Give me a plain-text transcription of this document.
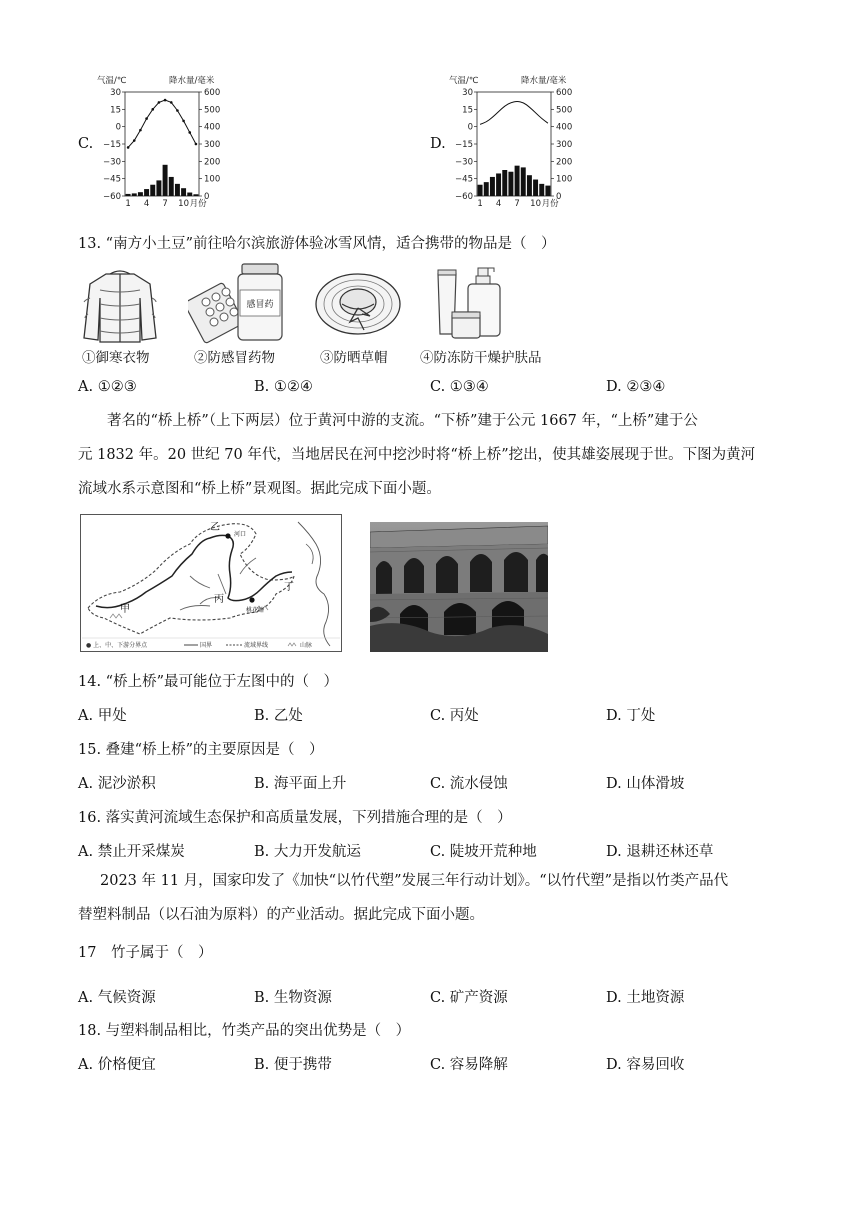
C.
气温/℃	降水量/毫米
30	600
15	500
0	400
−15	300
−30	200
−45	100
−60	0
1 4 7 10 月份
D.
气温/℃	降水量/毫米
30	600
15	500
0	400
−15	300
−30	200
−45	100
−60	0
1 4 7 10 月份
13. “南方小土豆”前往哈尔滨旅游体验冰雪风情，适合携带的物品是（　）
感冒药
①御寒衣物	②防感冒药物	③防晒草帽 ④防冻防干燥护肤品
A. ①②③	B. ①②④	C. ①③④	D. ②③④
著名的“桥上桥”（上下两层）位于黄河中游的支流。“下桥”建于公元 1667 年，“上桥”建于公
元 1832 年。20 世纪 70 年代，当地居民在河中挖沙时将“桥上桥”挖出，使其雄姿展现于世。下图为黄河
流域水系示意图和“桥上桥”景观图。据此完成下面小题。
甲
乙
河口
丙
丁
桃花峪
● 上、中、下游分界点	国界	流域界线	山脉
14. “桥上桥”最可能位于左图中的（　）
A. 甲处	B. 乙处	C. 丙处	D. 丁处
15. 叠建“桥上桥”的主要原因是（　）
A. 泥沙淤积	B. 海平面上升	C. 流水侵蚀	D. 山体滑坡
16. 落实黄河流域生态保护和高质量发展，下列措施合理的是（　）
A. 禁止开采煤炭	B. 大力开发航运	C. 陡坡开荒种地	D. 退耕还林还草
2023 年 11 月，国家印发了《加快“以竹代塑”发展三年行动计划》。“以竹代塑”是指以竹类产品代
替塑料制品（以石油为原料）的产业活动。据此完成下面小题。
17　竹子属于（　）
A. 气候资源	B. 生物资源	C. 矿产资源	D. 土地资源
18. 与塑料制品相比，竹类产品的突出优势是（　）
A. 价格便宜	B. 便于携带	C. 容易降解	D. 容易回收
